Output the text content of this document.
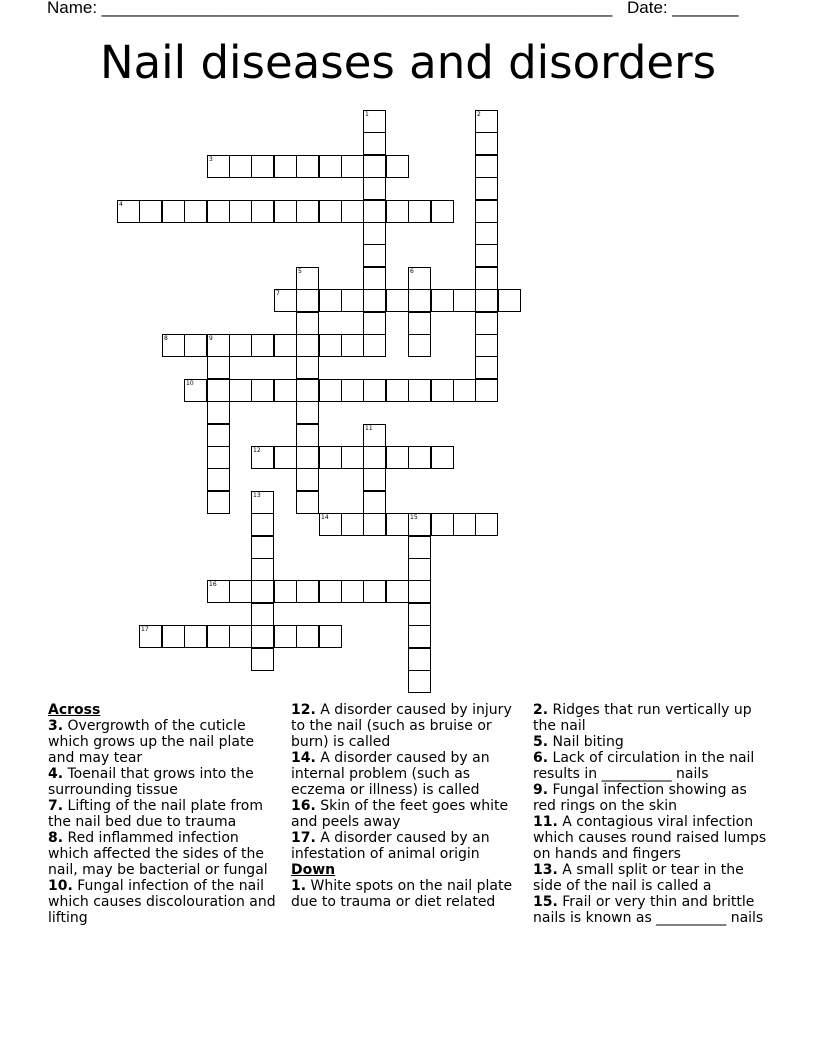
Name: ______________________________________________________ Date: _______
Nail diseases and disorders
1	2
3
4
5	6
7
8	9
10
11
12
13
14	15
16
17
Across
3. Overgrowth of the cuticle which grows up the nail plate and may tear
4. Toenail that grows into the surrounding tissue
7. Lifting of the nail plate from the nail bed due to trauma
8. Red inflammed infection which affected the sides of the nail, may be bacterial or fungal
10. Fungal infection of the nail which causes discolouration and lifting
12. A disorder caused by injury to the nail (such as bruise or burn) is called
14. A disorder caused by an internal problem (such as eczema or illness) is called
16. Skin of the feet goes white and peels away
17. A disorder caused by an infestation of animal origin
Down
1. White spots on the nail plate due to trauma or diet related
2. Ridges that run vertically up the nail
5. Nail biting
6. Lack of circulation in the nail results in __________ nails
9. Fungal infection showing as red rings on the skin
11. A contagious viral infection which causes round raised lumps on hands and fingers
13. A small split or tear in the side of the nail is called a
15. Frail or very thin and brittle nails is known as __________ nails
